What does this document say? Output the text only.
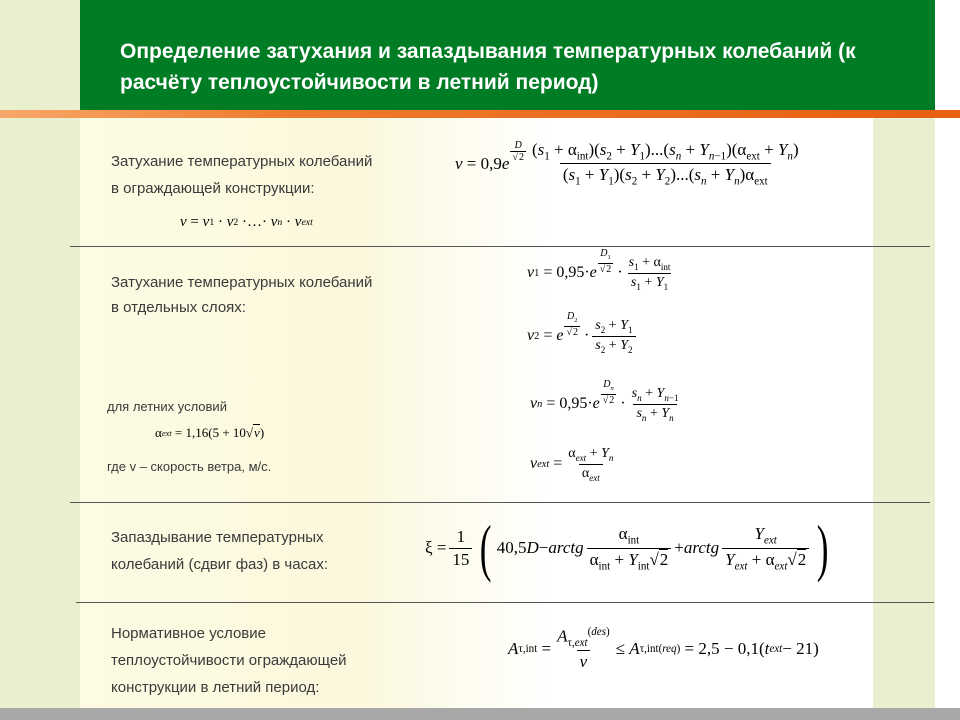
Определение затухания и запаздывания температурных колебаний (к расчёту теплоустойчивости в летний период)
Затухание температурных колебаний
в ограждающей конструкции:
ν = ν 1 · ν 2 ·…· ν n · ν ext
ν = 0,9 e $\frac{D}{√2} \frac{(s_1 + \alpha_{int})(s_2 + Y_1)...(s_n + Y_{n-1})(\alpha_{ext} + Y_n)}{(s_1 + Y_1)(s_2 + Y_2)...(s_n + Y_n)\alpha_{ext}}$
Затухание температурных колебаний
в отдельных слоях:
ν 1 = 0,95· e $\frac{D_1}{√2} \cdot \frac{s_1 + \alpha_{int}}{s_1 + Y_1}$
ν 2 = e $\frac{D_2}{√2} \cdot \frac{s_2 + Y_1}{s_2 + Y_2}$
для летних условий
α ext = 1,16(5 + 10√ v )
где v – скорость ветра, м/с.
ν n = 0,95· e $\frac{D_n}{√2} \cdot \frac{s_n + Y_{n-1}}{s_n + Y_n}$
ν ext = $\frac{\alpha_{ext} + Y_n}{\alpha_{ext}}$
Запаздывание температурных
колебаний (сдвиг фаз) в часах:
$\xi = \frac{1}{15}$ ( 40,5 D − arctg $\frac{\alpha_{int}}{\alpha_{int} + Y_{int}√2}$ + arctg $\frac{Y_{ext}}{Y_{ext} + \alpha_{ext}√2}$ )
Нормативное условие
теплоустойчивости ограждающей
конструкции в летний период:
A $\tau,int = \frac{A_{\tau,ext}^{(des)}}{\nu} \le A$ τ,int (req) = 2,5 − 0,1( t ext − 21)
